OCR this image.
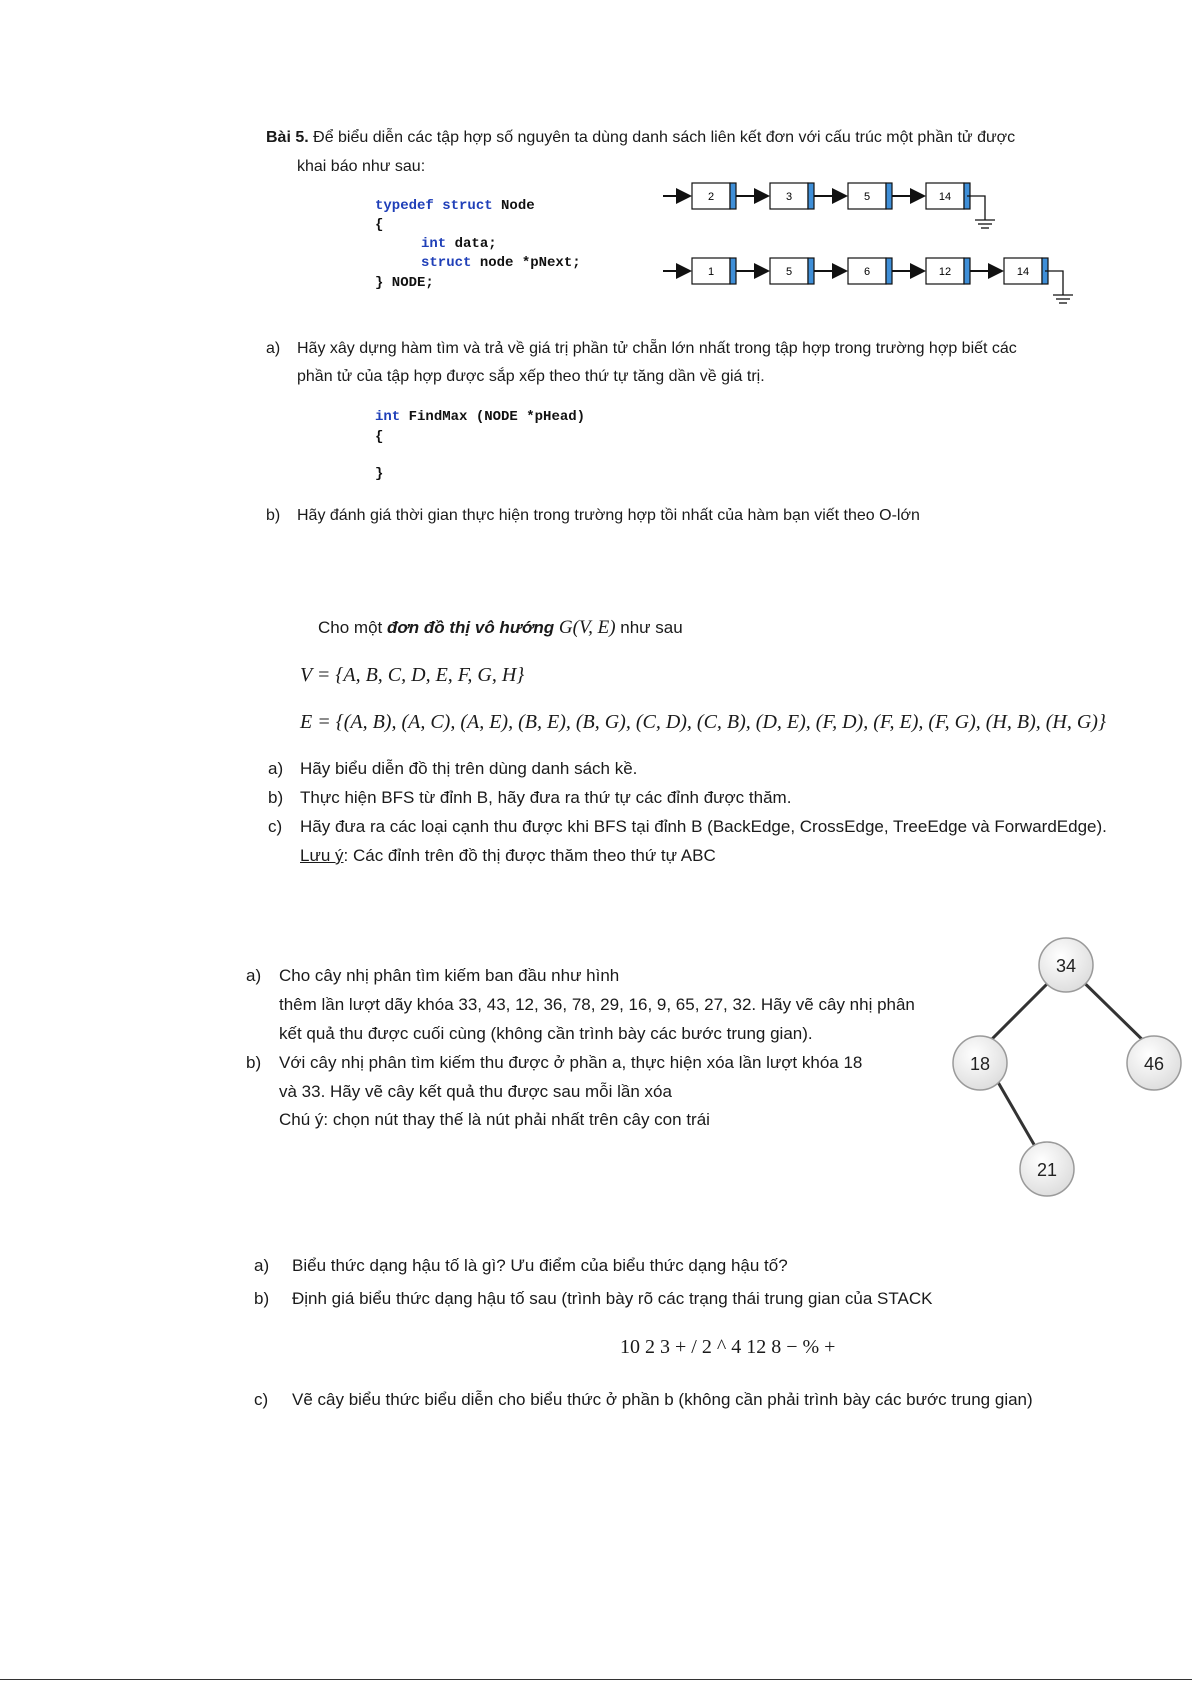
Bài 5. Để biểu diễn các tập hợp số nguyên ta dùng danh sách liên kết đơn với cấu trúc một phần tử được
khai báo như sau:
typedef struct Node
{
int data;
struct node *pNext;
} NODE;
2	3	5	14
1	5	6	12	14
a) Hãy xây dựng hàm tìm và trả về giá trị phần tử chẵn lớn nhất trong tập hợp trong trường hợp biết các
phần tử của tập hợp được sắp xếp theo thứ tự tăng dần về giá trị.
int FindMax (NODE *pHead)
{
}
b) Hãy đánh giá thời gian thực hiện trong trường hợp tồi nhất của hàm bạn viết theo O-lớn
Cho một đơn đồ thị vô hướng G(V, E) như sau
V = {A, B, C, D, E, F, G, H}
E = {(A, B), (A, C), (A, E), (B, E), (B, G), (C, D), (C, B), (D, E), (F, D), (F, E), (F, G), (H, B), (H, G)}
a) Hãy biểu diễn đồ thị trên dùng danh sách kề.
b) Thực hiện BFS từ đỉnh B, hãy đưa ra thứ tự các đỉnh được thăm.
c) Hãy đưa ra các loại cạnh thu được khi BFS tại đỉnh B (BackEdge, CrossEdge, TreeEdge và ForwardEdge).
Lưu ý: Các đỉnh trên đồ thị được thăm theo thứ tự ABC
a) Cho cây nhị phân tìm kiếm ban đầu như hình
thêm lần lượt dãy khóa 33, 43, 12, 36, 78, 29, 16, 9, 65, 27, 32. Hãy vẽ cây nhị phân
kết quả thu được cuối cùng (không cần trình bày các bước trung gian).
b) Với cây nhị phân tìm kiếm thu được ở phần a, thực hiện xóa lần lượt khóa 18
và 33. Hãy vẽ cây kết quả thu được sau mỗi lần xóa
Chú ý: chọn nút thay thế là nút phải nhất trên cây con trái
34
18	46
21
a) Biểu thức dạng hậu tố là gì? Ưu điểm của biểu thức dạng hậu tố?
b) Định giá biểu thức dạng hậu tố sau (trình bày rõ các trạng thái trung gian của STACK
10 2 3 + / 2 ^ 4 12 8 − % +
c) Vẽ cây biểu thức biểu diễn cho biểu thức ở phần b (không cần phải trình bày các bước trung gian)
